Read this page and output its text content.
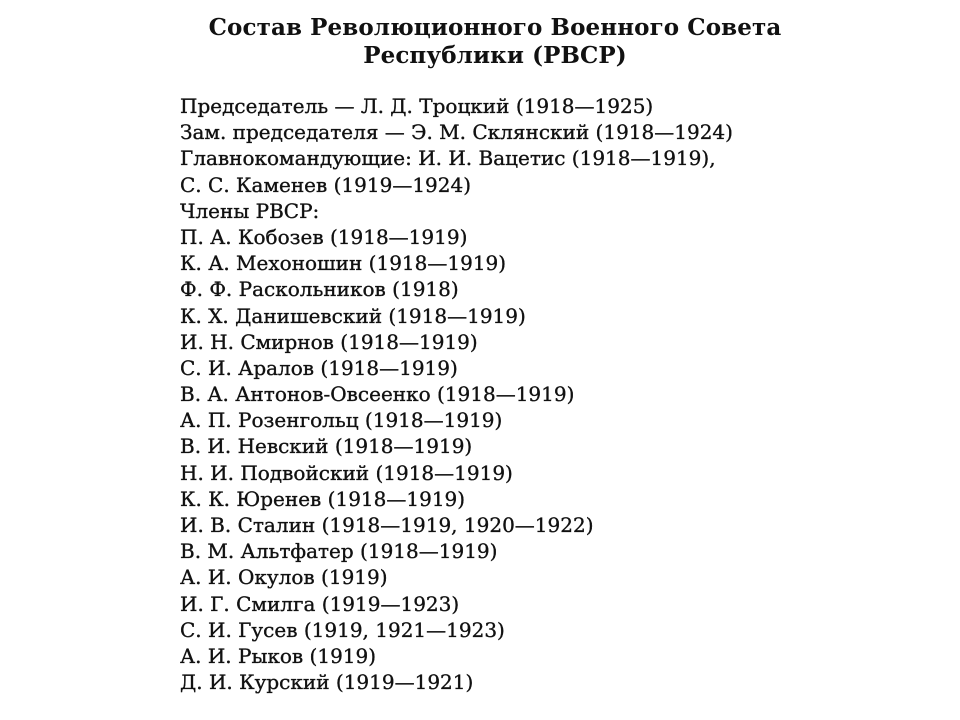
Состав Революционного Военного Совета
Республики (РВСР)
Председатель — Л. Д. Троцкий (1918—1925)
Зам. председателя — Э. М. Склянский (1918—1924)
Главнокомандующие: И. И. Вацетис (1918—1919),
С. С. Каменев (1919—1924)
Члены РВСР:
П. А. Кобозев (1918—1919)
К. А. Мехоношин (1918—1919)
Ф. Ф. Раскольников (1918)
К. Х. Данишевский (1918—1919)
И. Н. Смирнов (1918—1919)
С. И. Аралов (1918—1919)
В. А. Антонов-Овсеенко (1918—1919)
А. П. Розенгольц (1918—1919)
В. И. Невский (1918—1919)
Н. И. Подвойский (1918—1919)
К. К. Юренев (1918—1919)
И. В. Сталин (1918—1919, 1920—1922)
В. М. Альтфатер (1918—1919)
А. И. Окулов (1919)
И. Г. Смилга (1919—1923)
С. И. Гусев (1919, 1921—1923)
А. И. Рыков (1919)
Д. И. Курский (1919—1921)
